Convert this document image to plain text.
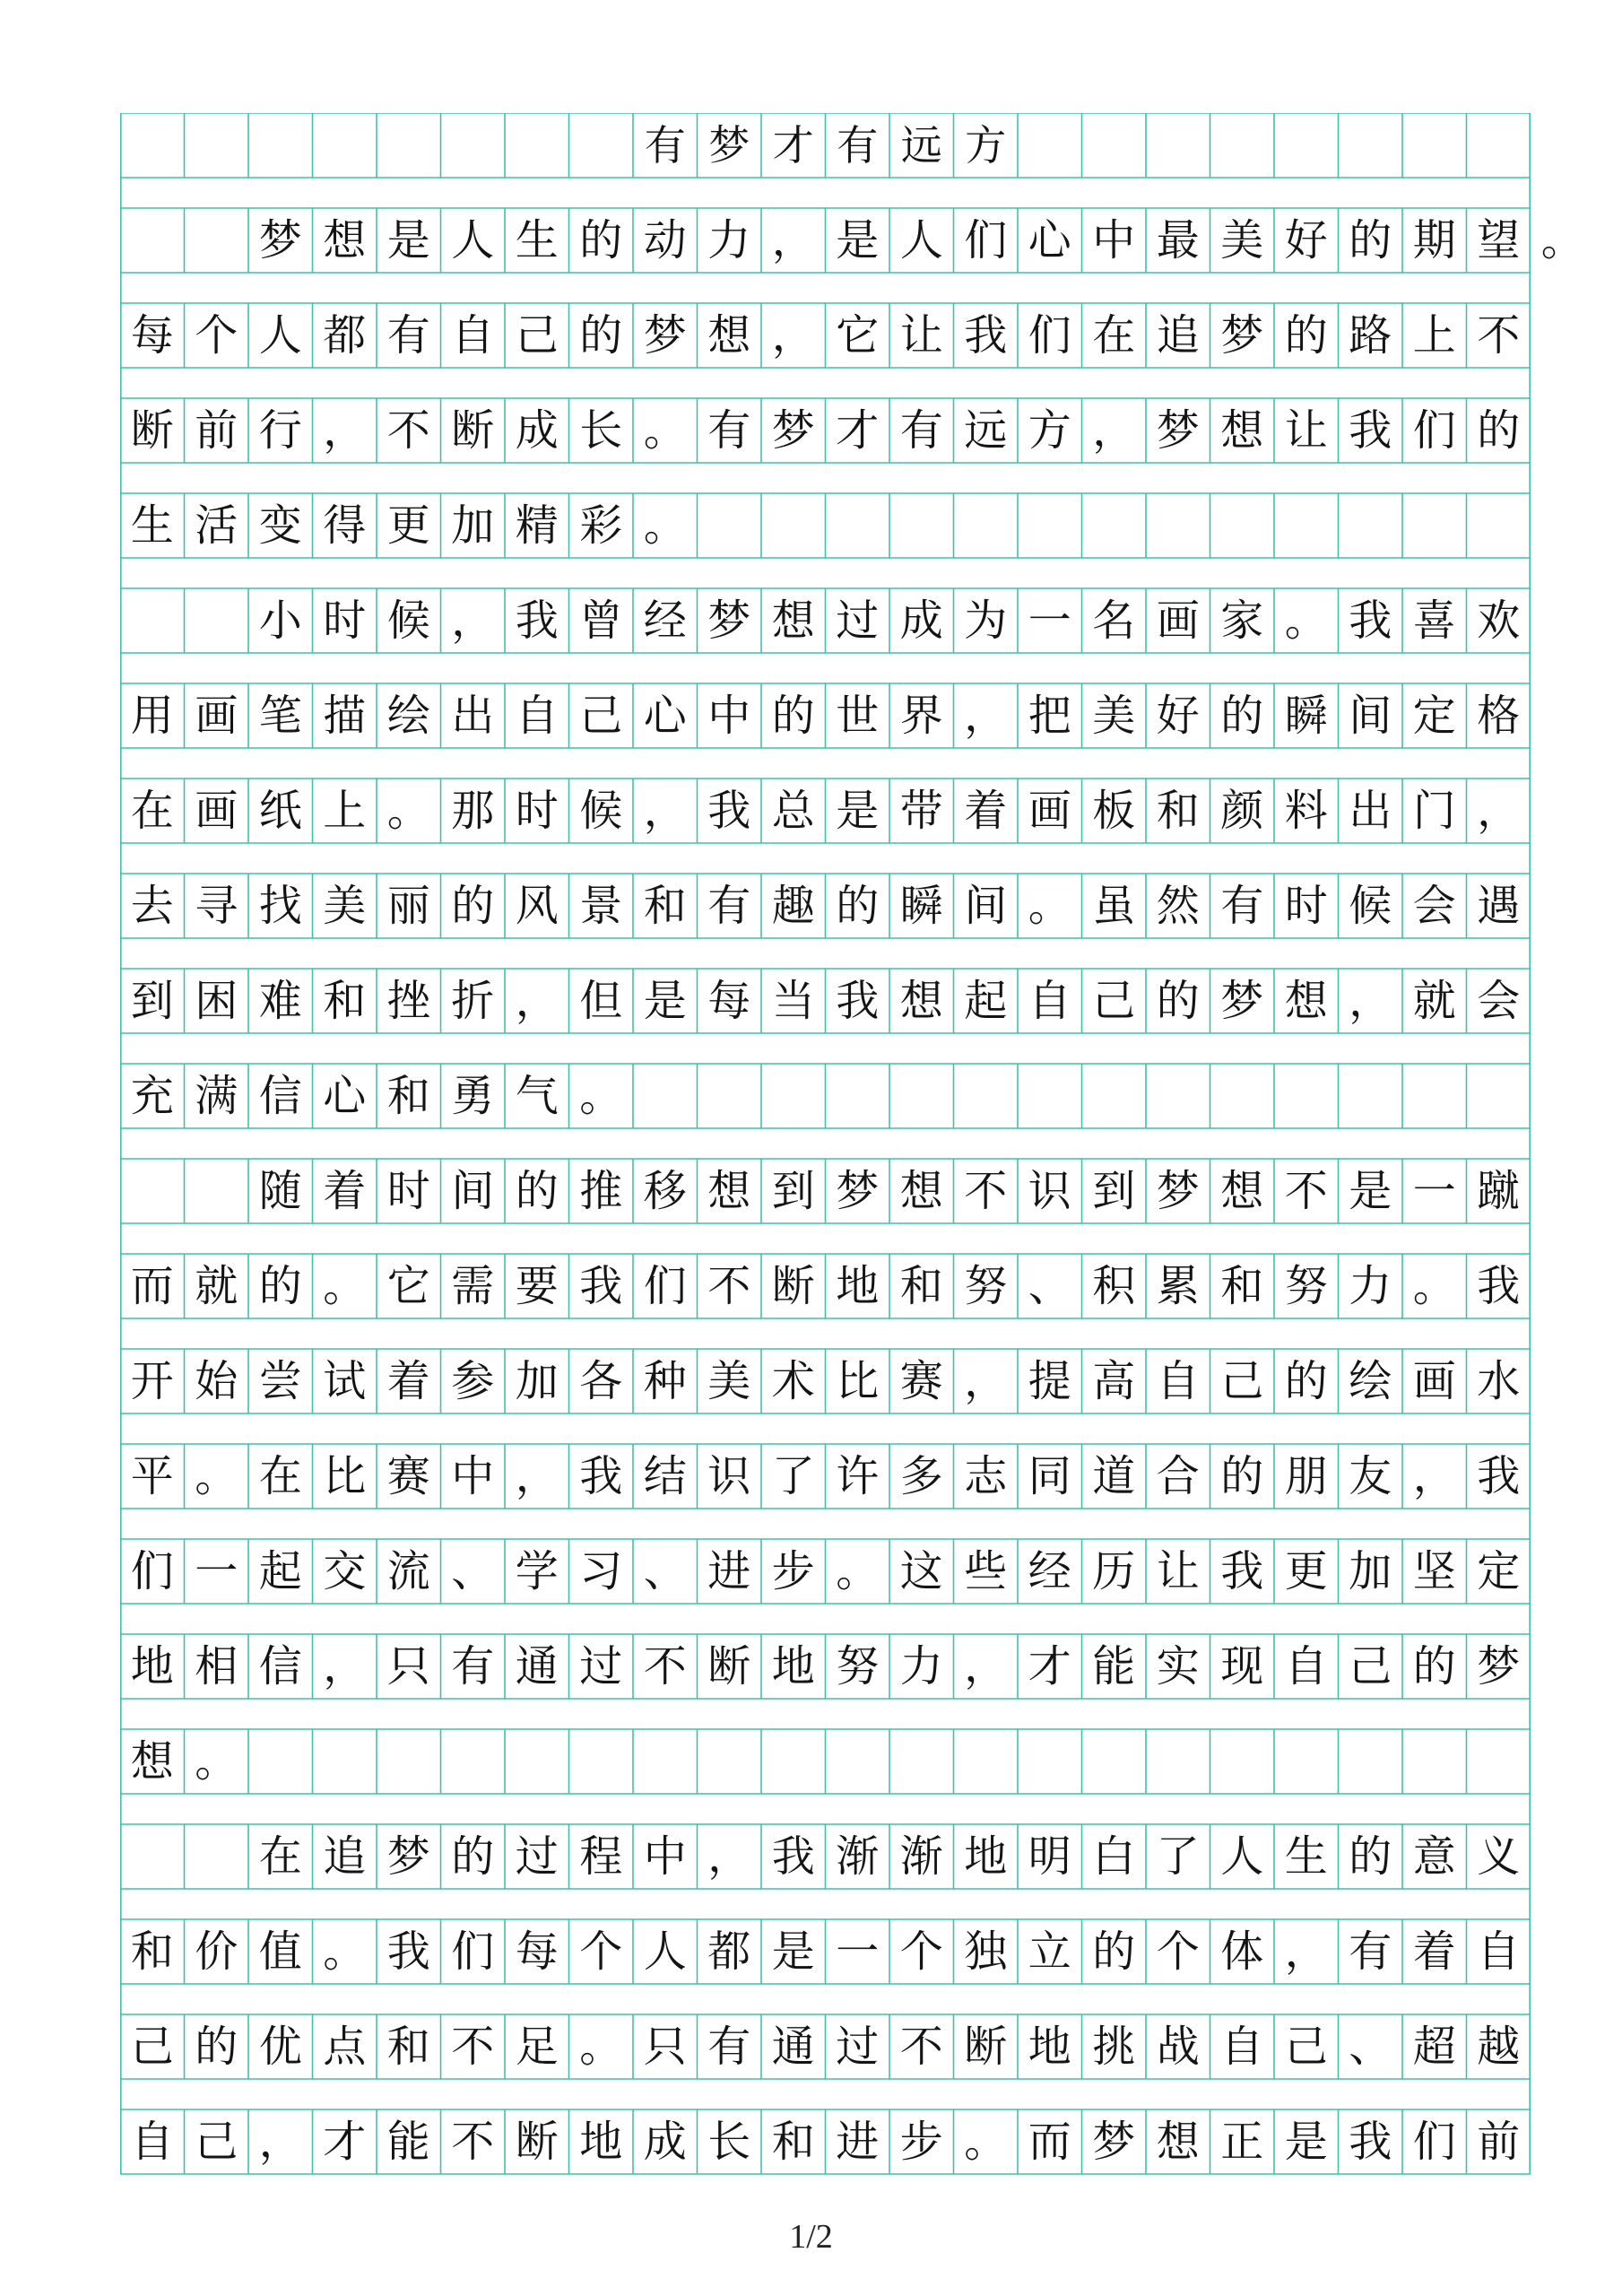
有 梦 才 有 远 方
梦 想 是 人 生 的 动 力 ， 是 人 们 心 中 最 美 好 的 期 望 。
每 个 人 都 有 自 己 的 梦 想 ， 它 让 我 们 在 追 梦 的 路 上 不
断 前 行 ， 不 断 成 长 。 有 梦 才 有 远 方 ， 梦 想 让 我 们 的
生 活 变 得 更 加 精 彩 。
小 时 候 ， 我 曾 经 梦 想 过 成 为 一 名 画 家 。 我 喜 欢
用 画 笔 描 绘 出 自 己 心 中 的 世 界 ， 把 美 好 的 瞬 间 定 格
在 画 纸 上 。 那 时 候 ， 我 总 是 带 着 画 板 和 颜 料 出 门 ，
去 寻 找 美 丽 的 风 景 和 有 趣 的 瞬 间 。 虽 然 有 时 候 会 遇
到 困 难 和 挫 折 ， 但 是 每 当 我 想 起 自 己 的 梦 想 ， 就 会
充 满 信 心 和 勇 气 。
随 着 时 间 的 推 移 想 到 梦 想 不 识 到 梦 想 不 是 一 蹴
而 就 的 。 它 需 要 我 们 不 断 地 和 努 、 积 累 和 努 力 。 我
开 始 尝 试 着 参 加 各 种 美 术 比 赛 ， 提 高 自 己 的 绘 画 水
平 。 在 比 赛 中 ， 我 结 识 了 许 多 志 同 道 合 的 朋 友 ， 我
们 一 起 交 流 、 学 习 、 进 步 。 这 些 经 历 让 我 更 加 坚 定
地 相 信 ， 只 有 通 过 不 断 地 努 力 ， 才 能 实 现 自 己 的 梦
想 。
在 追 梦 的 过 程 中 ， 我 渐 渐 地 明 白 了 人 生 的 意 义
和 价 值 。 我 们 每 个 人 都 是 一 个 独 立 的 个 体 ， 有 着 自
己 的 优 点 和 不 足 。 只 有 通 过 不 断 地 挑 战 自 己 、 超 越
自 己 ， 才 能 不 断 地 成 长 和 进 步 。 而 梦 想 正 是 我 们 前
1/2
